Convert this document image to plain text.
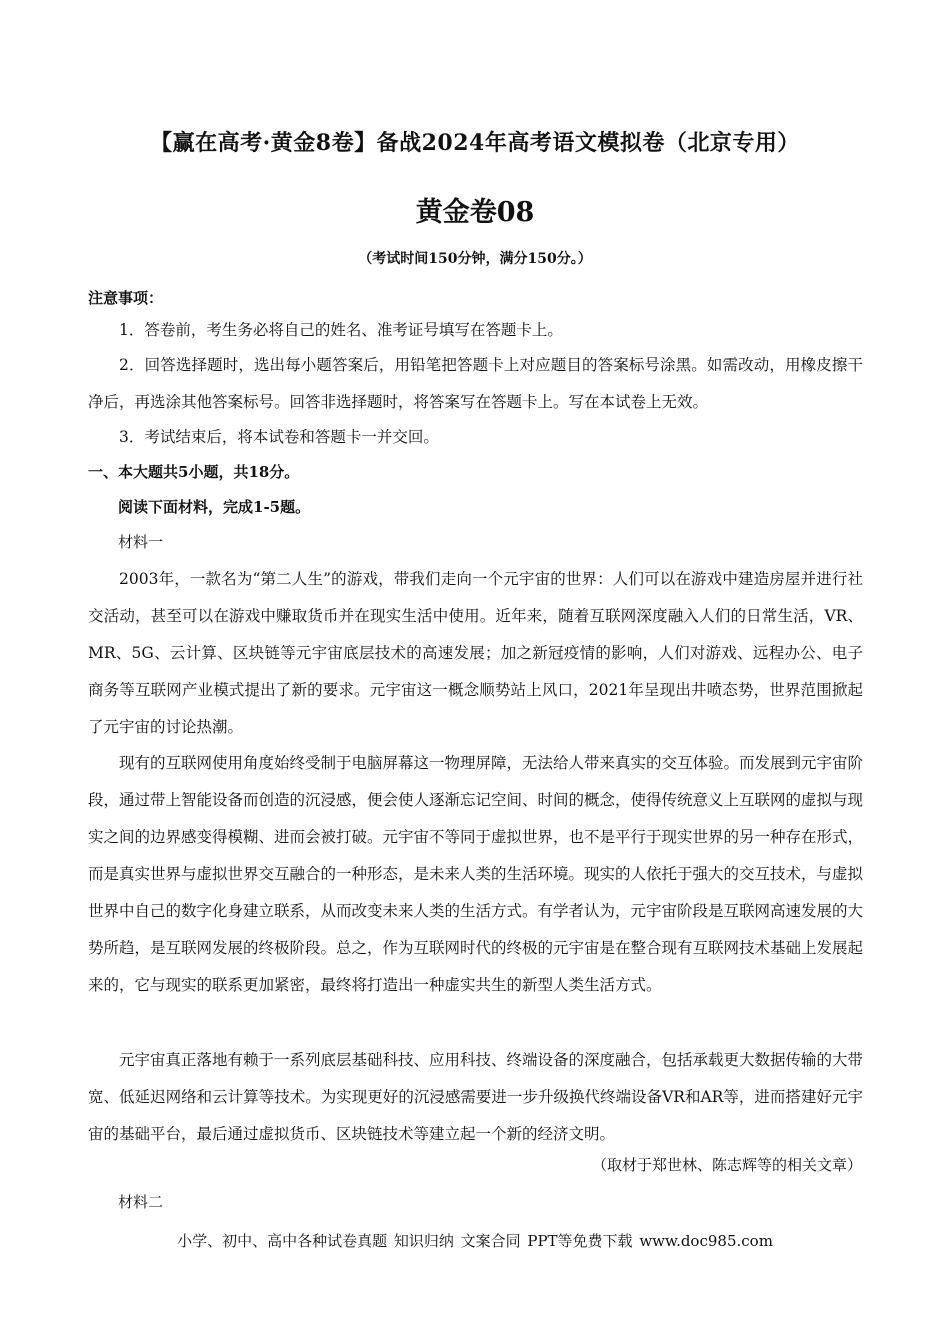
【赢在高考·黄金8卷】备战2024年高考语文模拟卷（北京专用）
黄金卷08
（考试时间150分钟，满分150分。）
注意事项：
1．答卷前，考生务必将自己的姓名、准考证号填写在答题卡上。
2．回答选择题时，选出每小题答案后，用铅笔把答题卡上对应题目的答案标号涂黑。如需改动，用橡皮擦干净后，再选涂其他答案标号。回答非选择题时，将答案写在答题卡上。写在本试卷上无效。
3．考试结束后，将本试卷和答题卡一并交回。
一、本大题共5小题，共18分。
阅读下面材料，完成1-5题。
材料一
2003年，一款名为“第二人生”的游戏，带我们走向一个元宇宙的世界：人们可以在游戏中建造房屋并进行社交活动，甚至可以在游戏中赚取货币并在现实生活中使用。近年来，随着互联网深度融入人们的日常生活，VR、MR、5G、云计算、区块链等元宇宙底层技术的高速发展；加之新冠疫情的影响，人们对游戏、远程办公、电子商务等互联网产业模式提出了新的要求。元宇宙这一概念顺势站上风口，2021年呈现出井喷态势，世界范围掀起了元宇宙的讨论热潮。
现有的互联网使用角度始终受制于电脑屏幕这一物理屏障，无法给人带来真实的交互体验。而发展到元宇宙阶段，通过带上智能设备而创造的沉浸感，便会使人逐渐忘记空间、时间的概念，使得传统意义上互联网的虚拟与现实之间的边界感变得模糊、进而会被打破。元宇宙不等同于虚拟世界，也不是平行于现实世界的另一种存在形式，而是真实世界与虚拟世界交互融合的一种形态，是未来人类的生活环境。现实的人依托于强大的交互技术，与虚拟世界中自己的数字化身建立联系，从而改变未来人类的生活方式。有学者认为，元宇宙阶段是互联网高速发展的大势所趋，是互联网发展的终极阶段。总之，作为互联网时代的终极的元宇宙是在整合现有互联网技术基础上发展起来的，它与现实的联系更加紧密，最终将打造出一种虚实共生的新型人类生活方式。
元宇宙真正落地有赖于一系列底层基础科技、应用科技、终端设备的深度融合，包括承载更大数据传输的大带宽、低延迟网络和云计算等技术。为实现更好的沉浸感需要进一步升级换代终端设备VR和AR等，进而搭建好元宇宙的基础平台，最后通过虚拟货币、区块链技术等建立起一个新的经济文明。
（取材于郑世林、陈志辉等的相关文章）
材料二
小学、初中、高中各种试卷真题 知识归纳 文案合同 PPT等免费下载 www.doc985.com
